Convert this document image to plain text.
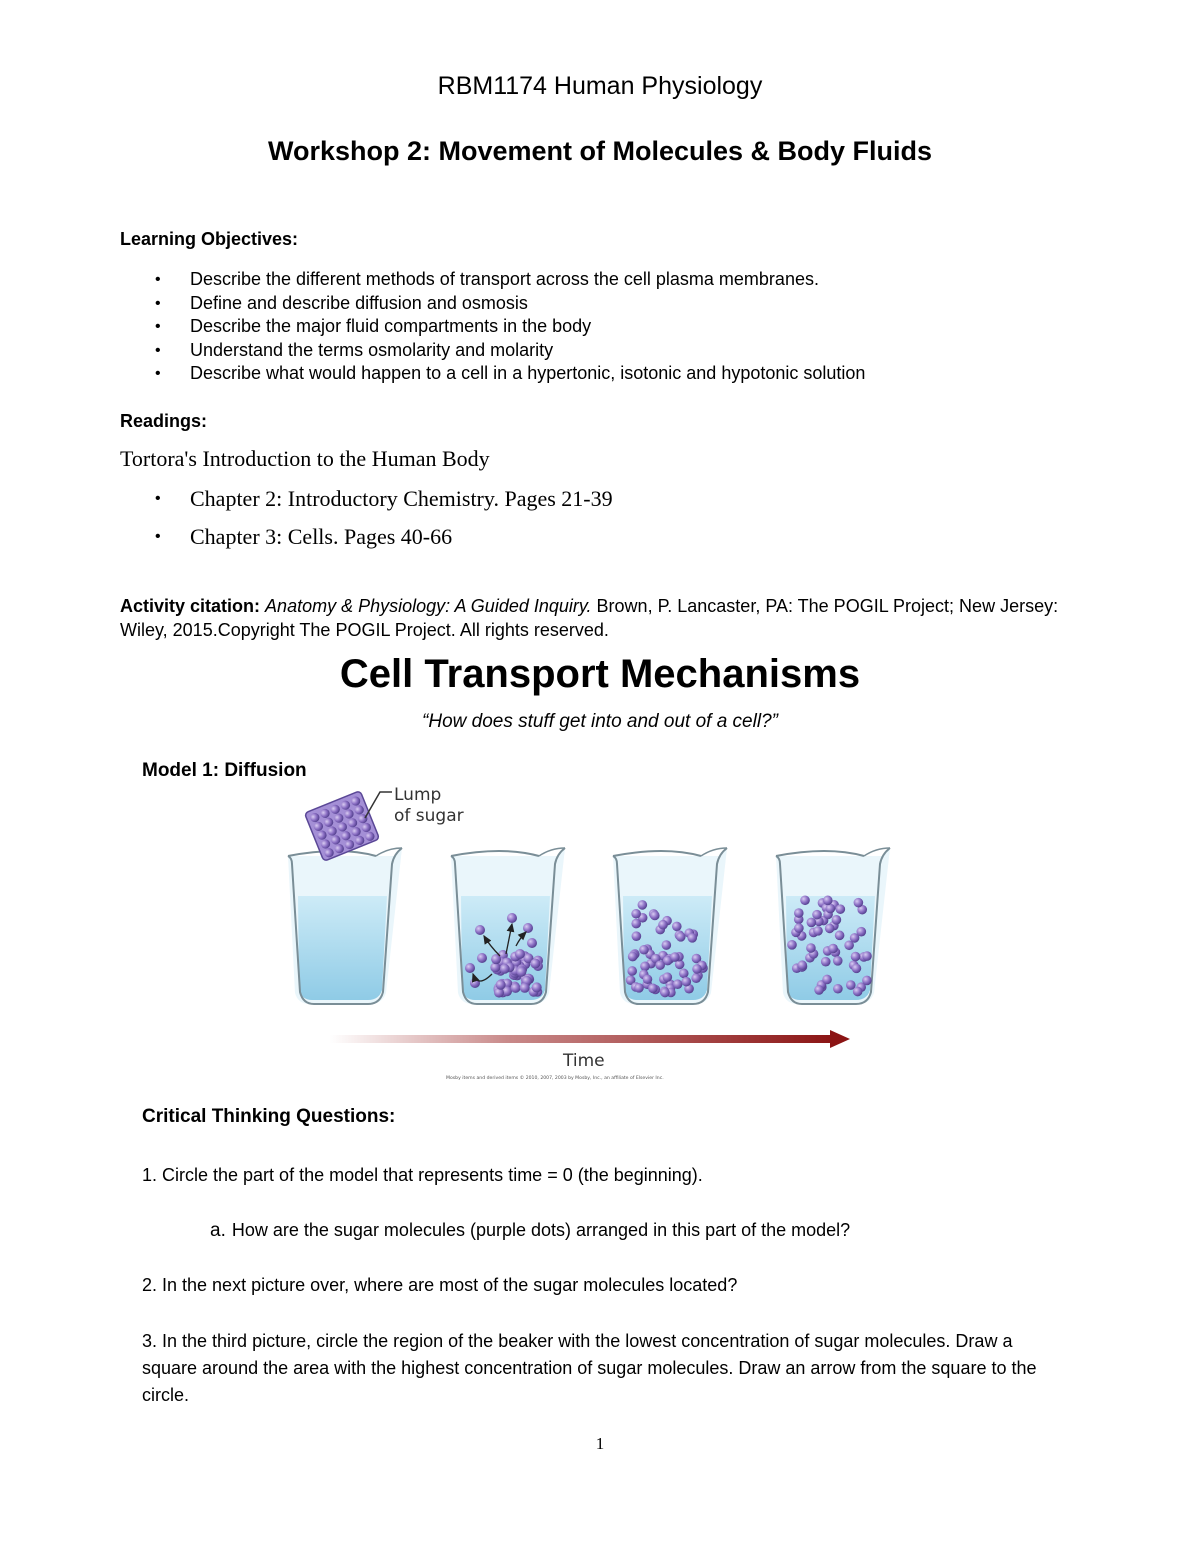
RBM1174 Human Physiology
Workshop 2: Movement of Molecules & Body Fluids
Learning Objectives:
• Describe the different methods of transport across the cell plasma membranes.
• Define and describe diffusion and osmosis
• Describe the major fluid compartments in the body
• Understand the terms osmolarity and molarity
• Describe what would happen to a cell in a hypertonic, isotonic and hypotonic solution
Readings:
Tortora's Introduction to the Human Body
• Chapter 2: Introductory Chemistry. Pages 21-39
• Chapter 3: Cells. Pages 40-66
Activity citation: Anatomy & Physiology: A Guided Inquiry. Brown, P. Lancaster, PA: The POGIL Project; New Jersey: Wiley, 2015.Copyright The POGIL Project. All rights reserved.
Cell Transport Mechanisms
“How does stuff get into and out of a cell?”
Model 1: Diffusion
Lump
of sugar
Time
Mosby items and derived items © 2010, 2007, 2003 by Mosby, Inc., an affiliate of Elsevier Inc.
Critical Thinking Questions:
1. Circle the part of the model that represents time = 0 (the beginning).
a. How are the sugar molecules (purple dots) arranged in this part of the model?
2. In the next picture over, where are most of the sugar molecules located?
3. In the third picture, circle the region of the beaker with the lowest concentration of sugar molecules. Draw a square around the area with the highest concentration of sugar molecules. Draw an arrow from the square to the circle.
1
